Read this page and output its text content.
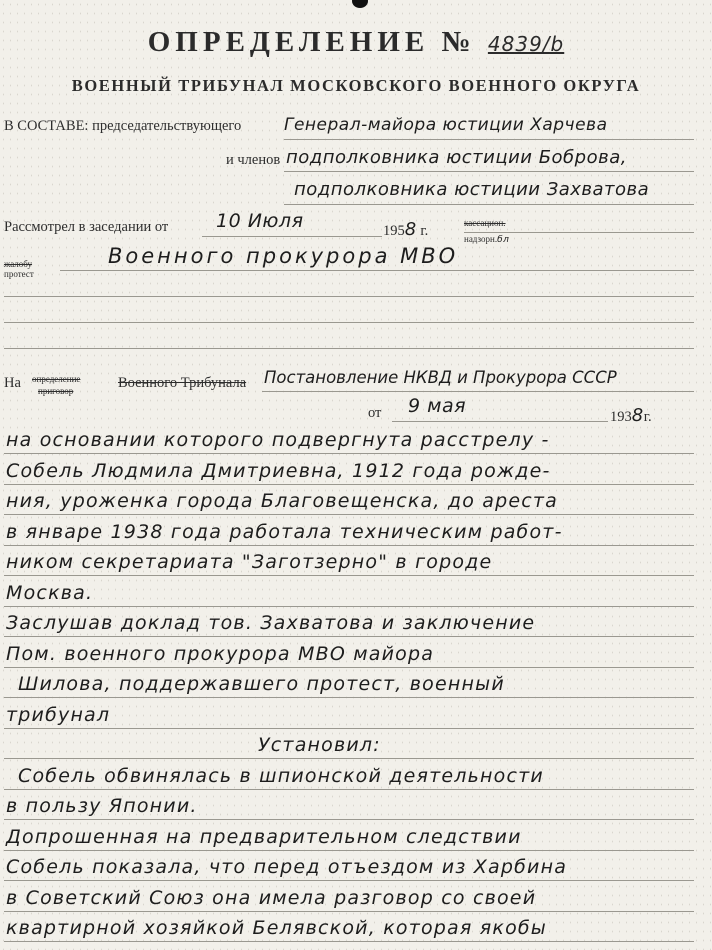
ОПРЕДЕЛЕНИЕ № 4839/b
ВОЕННЫЙ ТРИБУНАЛ МОСКОВСКОГО ВОЕННОГО ОКРУГА
В СОСТАВЕ: председательствующего	Генерал-майора юстиции Харчева
и членов подполковника юстиции Боброва,
подполковника юстиции Захватова
Рассмотрел в заседании от	10 Июля	1958 г.	кассацион.
надзорн.бл
жалобу
протест
Военного прокурора МВО
На определение
приговор	Военного Трибунала Постановление НКВД и Прокурора СССР
от 9 мая	1938г.
на основании которого подвергнута расстрелу -
Собель Людмила Дмитриевна, 1912 года рожде-
ния, уроженка города Благовещенска, до ареста
в январе 1938 года работала техническим работ-
ником секретариата "Заготзерно" в городе
Москва.
Заслушав доклад тов. Захватова и заключение
Пом. военного прокурора МВО майора
Шилова, поддержавшего протест, военный
трибунал
Установил:
Собель обвинялась в шпионской деятельности
в пользу Японии.
Допрошенная на предварительном следствии
Собель показала, что перед отъездом из Харбина
в Советский Союз она имела разговор со своей
квартирной хозяйкой Белявской, которая якобы
